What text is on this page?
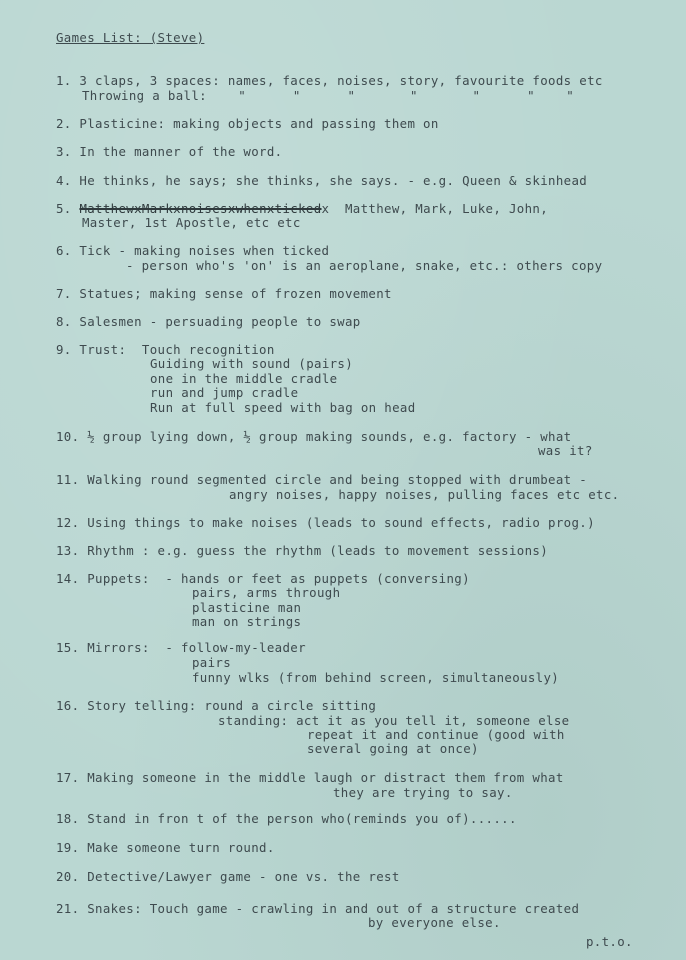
Games List: (Steve)
1. 3 claps, 3 spaces: names, faces, noises, story, favourite foods etc
Throwing a ball:    "      "      "       "       "      "    "
2. Plasticine: making objects and passing them on
3. In the manner of the word.
4. He thinks, he says; she thinks, she says. - e.g. Queen & skinhead
5. MatthewxMarkxnoisesxwhenxtickedx  Matthew, Mark, Luke, John,
Master, 1st Apostle, etc etc
6. Tick - making noises when ticked
- person who's 'on' is an aeroplane, snake, etc.: others copy
7. Statues; making sense of frozen movement
8. Salesmen - persuading people to swap
9. Trust:  Touch recognition
Guiding with sound (pairs)
one in the middle cradle
run and jump cradle
Run at full speed with bag on head
10. ½ group lying down, ½ group making sounds, e.g. factory - what
was it?
11. Walking round segmented circle and being stopped with drumbeat -
angry noises, happy noises, pulling faces etc etc.
12. Using things to make noises (leads to sound effects, radio prog.)
13. Rhythm : e.g. guess the rhythm (leads to movement sessions)
14. Puppets:  - hands or feet as puppets (conversing)
pairs, arms through
plasticine man
man on strings
15. Mirrors:  - follow-my-leader
pairs
funny wlks (from behind screen, simultaneously)
16. Story telling: round a circle sitting
standing: act it as you tell it, someone else
repeat it and continue (good with
several going at once)
17. Making someone in the middle laugh or distract them from what
they are trying to say.
18. Stand in fron t of the person who(reminds you of)......
19. Make someone turn round.
20. Detective/Lawyer game - one vs. the rest
21. Snakes: Touch game - crawling in and out of a structure created
by everyone else.
p.t.o.
